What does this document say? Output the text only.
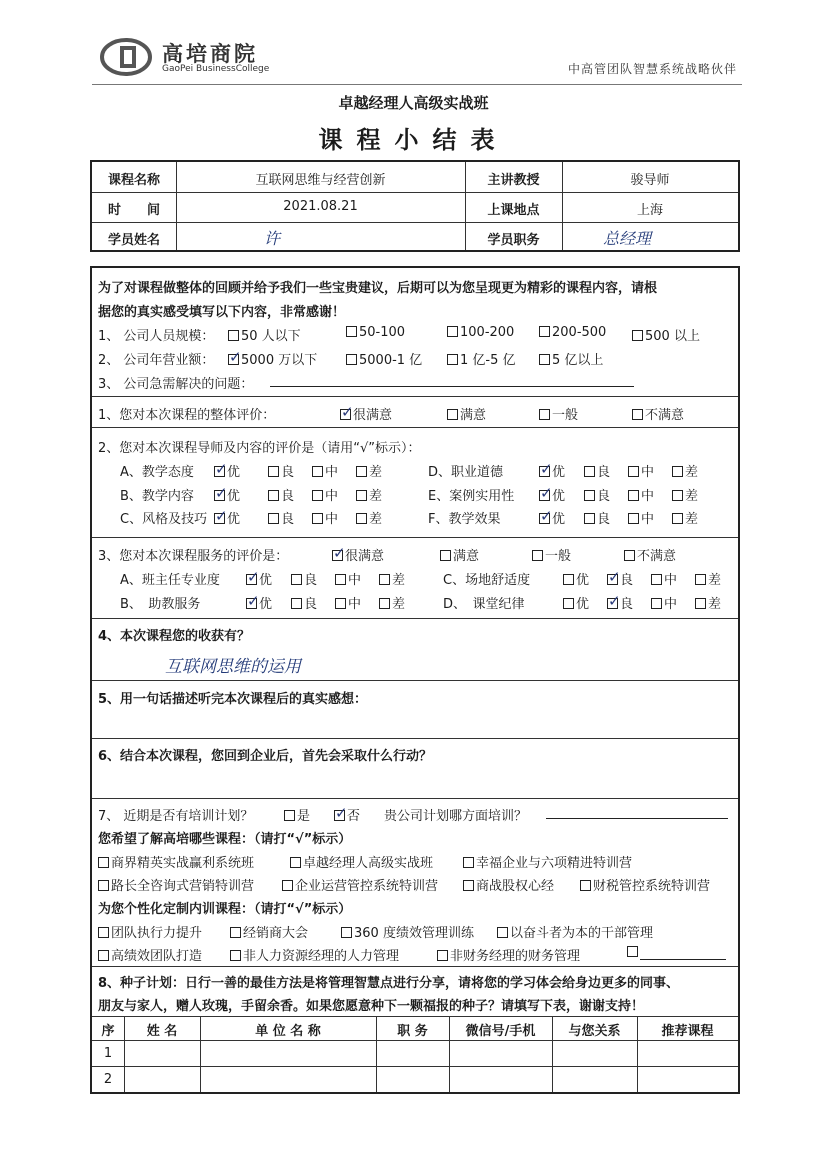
高培商院
GaoPei BusinessCollege	中高管团队智慧系统战略伙伴
卓越经理人高级实战班
课程小结表
课程名称	互联网思维与经营创新	主讲教授	骏导师
时　　间	2021.08.21	上课地点	上海
学员姓名	许	学员职务	总经理
为了对课程做整体的回顾并给予我们一些宝贵建议，后期可以为您呈现更为精彩的课程内容，请根
据您的真实感受填写以下内容，非常感谢！
1、 公司人员规模：	50 人以下	50-100	100-200	200-500	500 以上
2、 公司年营业额： ✓	5000 万以下	5000-1 亿	1 亿-5 亿	5 亿以上
3、 公司急需解决的问题：
1、您对本次课程的整体评价： ✓	很满意	满意	一般	不满意
2、您对本次课程导师及内容的评价是（请用“√”标示）：
A、教学态度 ✓	优	良	中	差
B、教学内容 ✓	优	良	中	差
C、风格及技巧 ✓	优	良	中	差
D、职业道德 ✓	优	良	中	差
E、案例实用性 ✓	优	良	中	差
F、教学效果 ✓	优	良	中	差
3、您对本次课程服务的评价是： ✓	很满意	满意	一般	不满意
A、班主任专业度 ✓	优	良	中	差
B、　助教服务 ✓	优	良	中	差
C、场地舒适度	优 ✓	良	中	差
D、　课堂纪律	优 ✓	良	中	差
4、本次课程您的收获有？
互联网思维的运用
5、用一句话描述听完本次课程后的真实感想：
6、结合本次课程，您回到企业后，首先会采取什么行动？
7、 近期是否有培训计划？	是 ✓	否 贵公司计划哪方面培训？
您希望了解高培哪些课程：（请打“√”标示）
商界精英实战赢利系统班	卓越经理人高级实战班	幸福企业与六项精进特训营
路长全咨询式营销特训营	企业运营管控系统特训营	商战股权心经	财税管控系统特训营
为您个性化定制内训课程：（请打“√”标示）
团队执行力提升	经销商大会	360 度绩效管理训练	以奋斗者为本的干部管理
高绩效团队打造	非人力资源经理的人力管理	非财务经理的财务管理
8、种子计划：日行一善的最佳方法是将管理智慧点进行分享，请将您的学习体会给身边更多的同事、
朋友与家人，赠人玫瑰，手留余香。如果您愿意种下一颗福报的种子？请填写下表，谢谢支持！
序	姓 名	单 位 名 称	职 务	微信号/手机	与您关系	推荐课程
1
2
